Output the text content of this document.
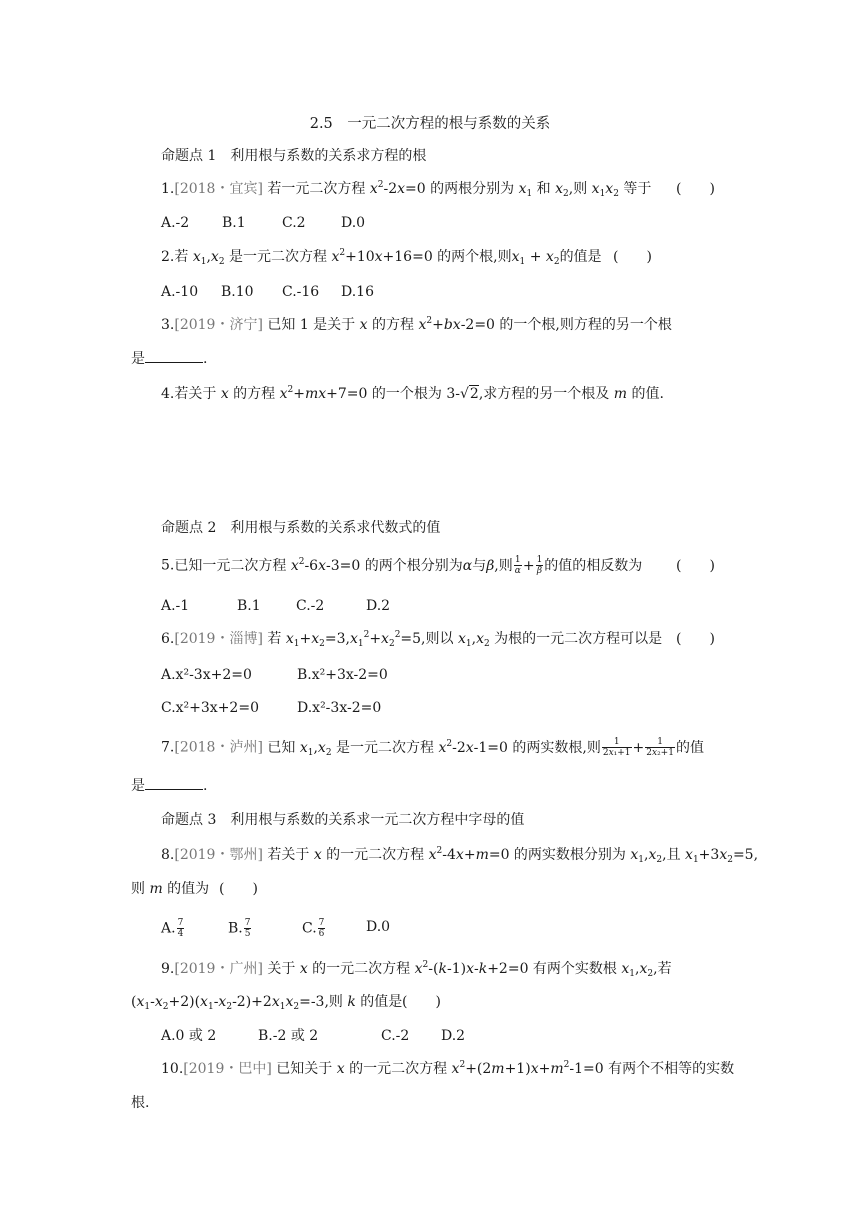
2.5　一元二次方程的根与系数的关系
命题点 1　利用根与系数的关系求方程的根
1.[2018・宜宾] 若一元二次方程 $x^2-2x=0$ 的两根分别为 $x_1$ 和 $x_2$,则 $x_1x_2$ 等于 (　　)
A.-2 B.1	C.2	D.0
2.若 $x_1,x_2$ 是一元二次方程 $x^2+10x+16=0$ 的两个根,则$x_1 + x_2$的值是 (　　)
A.-10 B.10 C.-16 D.16
3.[2019・济宁] 已知 1 是关于 x 的方程 $x^2+bx-2=0$ 的一个根,则方程的另一个根
是	.
4.若关于 x 的方程 $x^2+mx+7=0$ 的一个根为 3-√2,求方程的另一个根及 m 的值.
命题点 2　利用根与系数的关系求代数式的值
5.已知一元二次方程 $x^2-6x-3=0$ 的两个根分别为α与β,则 $\frac{1}{\alpha} + \frac{1}{\beta}$ 的值的相反数为 (　　)
A.-1	B.1	C.-2	D.2
6.[2019・淄博] 若 $x_1+x_2=3,x_1^2+x_2^2=5$,则以 $x_1,x_2$ 为根的一元二次方程可以是 (　　)
A.x²-3x+2=0	B.x²+3x-2=0
C.x²+3x+2=0	D.x²-3x-2=0
7.[2018・泸州] 已知 $x_1,x_2$ 是一元二次方程 $x^2-2x-1=0$ 的两实数根,则 $\frac{1}{\text{2x₁+1}} + \frac{1}{\text{2x₂+1}}$ 的值
是	.
命题点 3　利用根与系数的关系求一元二次方程中字母的值
8.[2019・鄂州] 若关于 x 的一元二次方程 $x^2-4x+m=0$ 的两实数根分别为 $x_1,x_2$,且 $x_1+3x_2=5$,
则 m 的值为 (　　)
A. $\frac{7}{4}$	B. $\frac{7}{5}$	C. $\frac{7}{6}$	D.0
9.[2019・广州] 关于 x 的一元二次方程 $x^2-(k-1)x-k+2=0$ 有两个实数根 $x_1,x_2$,若
$(x_1-x_2+2)(x_1-x_2-2)+2x_1x_2=-3$,则 k 的值是 (　　)
A.0 或 2	B.-2 或 2	C.-2 D.2
10.[2019・巴中] 已知关于 x 的一元二次方程 $x^2+(2m+1)x+m^2-1=0$ 有两个不相等的实数
根.
